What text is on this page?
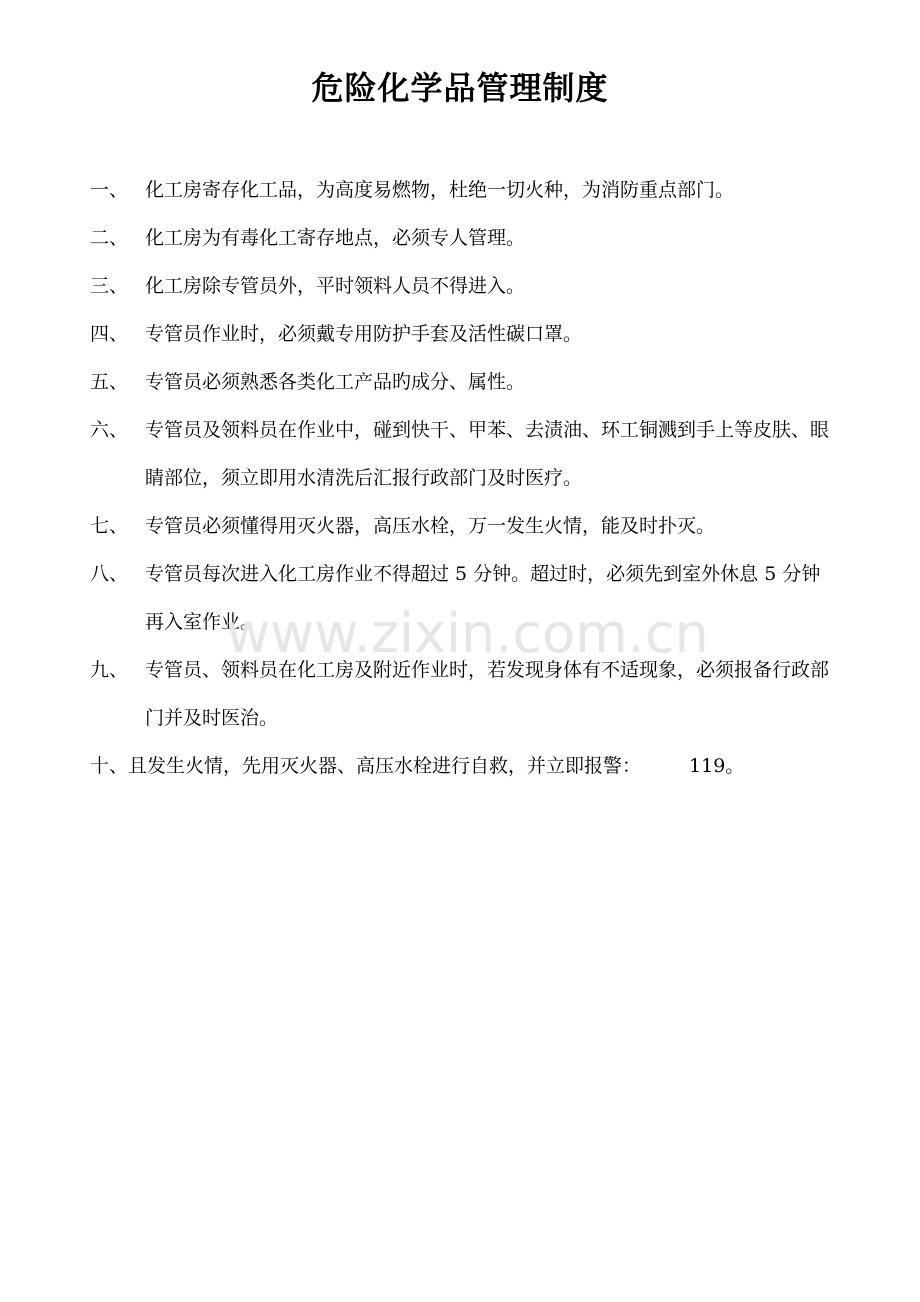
危险化学品管理制度
一、 化工房寄存化工品，为高度易燃物，杜绝一切火种，为消防重点部门。
二、 化工房为有毒化工寄存地点，必须专人管理。
三、 化工房除专管员外，平时领料人员不得进入。
四、 专管员作业时，必须戴专用防护手套及活性碳口罩。
五、 专管员必须熟悉各类化工产品旳成分、属性。
六、 专管员及领料员在作业中，碰到快干、甲苯、去渍油、环工铜溅到手上等皮肤、眼睛部位，须立即用水清洗后汇报行政部门及时医疗。
七、 专管员必须懂得用灭火器，高压水栓，万一发生火情，能及时扑灭。
八、 专管员每次进入化工房作业不得超过 5 分钟。超过时，必须先到室外休息 5 分钟再入室作业。
九、 专管员、领料员在化工房及附近作业时，若发现身体有不适现象，必须报备行政部门并及时医治。
十、且发生火情，先用灭火器、高压水栓进行自救，并立即报警：	119。
www.zixin.com.cn
